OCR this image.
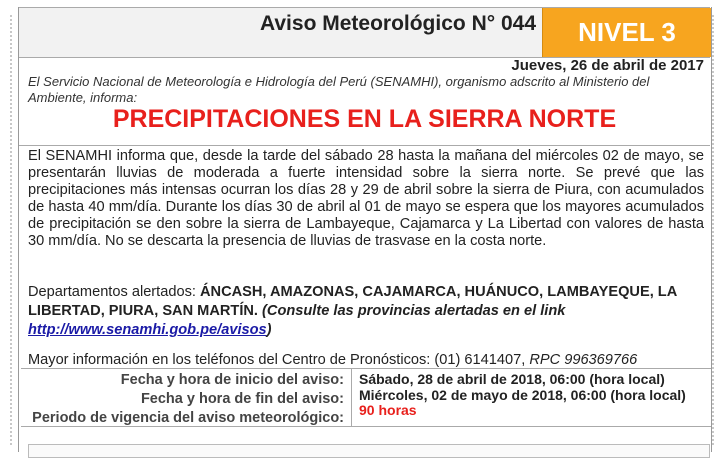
Aviso Meteorológico N° 044	NIVEL 3
Jueves, 26 de abril de 2017
El Servicio Nacional de Meteorología e Hidrología del Perú (SENAMHI), organismo adscrito al Ministerio del Ambiente, informa:
PRECIPITACIONES EN LA SIERRA NORTE
El SENAMHI informa que, desde la tarde del sábado 28 hasta la mañana del miércoles 02 de mayo, se presentarán lluvias de moderada a fuerte intensidad sobre la sierra norte. Se prevé que las precipitaciones más intensas ocurran los días 28 y 29 de abril sobre la sierra de Piura, con acumulados de hasta 40 mm/día. Durante los días 30 de abril al 01 de mayo se espera que los mayores acumulados de precipitación se den sobre la sierra de Lambayeque, Cajamarca y La Libertad con valores de hasta 30 mm/día. No se descarta la presencia de lluvias de trasvase en la costa norte.
Departamentos alertados: ÁNCASH, AMAZONAS, CAJAMARCA, HUÁNUCO, LAMBAYEQUE, LA LIBERTAD, PIURA, SAN MARTÍN. (Consulte las provincias alertadas en el link http://www.senamhi.gob.pe/avisos)
Mayor información en los teléfonos del Centro de Pronósticos: (01) 6141407, RPC 996369766
Fecha y hora de inicio del aviso: Sábado, 28 de abril de 2018, 06:00 (hora local)
Fecha y hora de fin del aviso: Miércoles, 02 de mayo de 2018, 06:00 (hora local)
Periodo de vigencia del aviso meteorológico: 90 horas
